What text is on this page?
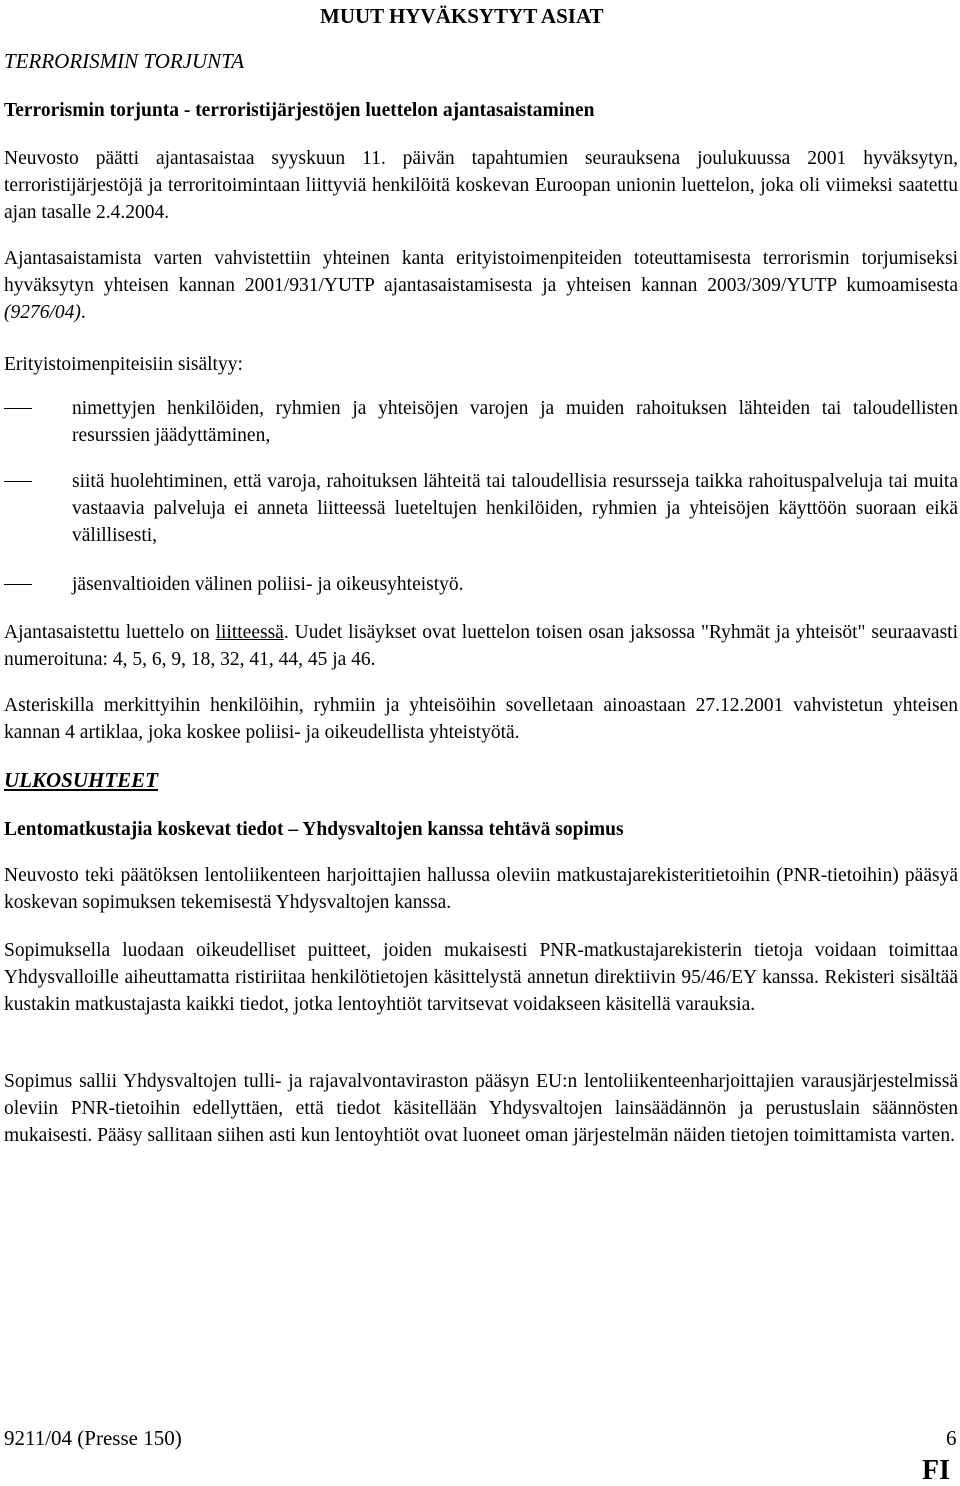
MUUT HYVÄKSYTYT ASIAT
TERRORISMIN TORJUNTA
Terrorismin torjunta - terroristijärjestöjen luettelon ajantasaistaminen
Neuvosto päätti ajantasaistaa syyskuun 11. päivän tapahtumien seurauksena joulukuussa 2001 hyväksytyn, terroristijärjestöjä ja terroritoimintaan liittyviä henkilöitä koskevan Euroopan unionin luettelon, joka oli viimeksi saatettu ajan tasalle 2.4.2004.
Ajantasaistamista varten vahvistettiin yhteinen kanta erityistoimenpiteiden toteuttamisesta terrorismin torjumiseksi hyväksytyn yhteisen kannan 2001/931/YUTP ajantasaistamisesta ja yhteisen kannan 2003/309/YUTP kumoamisesta (9276/04).
Erityistoimenpiteisiin sisältyy:
nimettyjen henkilöiden, ryhmien ja yhteisöjen varojen ja muiden rahoituksen lähteiden tai taloudellisten resurssien jäädyttäminen,
siitä huolehtiminen, että varoja, rahoituksen lähteitä tai taloudellisia resursseja taikka rahoituspalveluja tai muita vastaavia palveluja ei anneta liitteessä lueteltujen henkilöiden, ryhmien ja yhteisöjen käyttöön suoraan eikä välillisesti,
jäsenvaltioiden välinen poliisi- ja oikeusyhteistyö.
Ajantasaistettu luettelo on liitteessä. Uudet lisäykset ovat luettelon toisen osan jaksossa "Ryhmät ja yhteisöt" seuraavasti numeroituna: 4, 5, 6, 9, 18, 32, 41, 44, 45 ja 46.
Asteriskilla merkittyihin henkilöihin, ryhmiin ja yhteisöihin sovelletaan ainoastaan 27.12.2001 vahvistetun yhteisen kannan 4 artiklaa, joka koskee poliisi- ja oikeudellista yhteistyötä.
ULKOSUHTEET
Lentomatkustajia koskevat tiedot – Yhdysvaltojen kanssa tehtävä sopimus
Neuvosto teki päätöksen lentoliikenteen harjoittajien hallussa oleviin matkustajarekisteritietoihin (PNR-tietoihin) pääsyä koskevan sopimuksen tekemisestä Yhdysvaltojen kanssa.
Sopimuksella luodaan oikeudelliset puitteet, joiden mukaisesti PNR-matkustajarekisterin tietoja voidaan toimittaa Yhdysvalloille aiheuttamatta ristiriitaa henkilötietojen käsittelystä annetun direktiivin 95/46/EY kanssa. Rekisteri sisältää kustakin matkustajasta kaikki tiedot, jotka lentoyhtiöt tarvitsevat voidakseen käsitellä varauksia.
Sopimus sallii Yhdysvaltojen tulli- ja rajavalvontaviraston pääsyn EU:n lentoliikenteenharjoittajien varausjärjestelmissä oleviin PNR-tietoihin edellyttäen, että tiedot käsitellään Yhdysvaltojen lainsäädännön ja perustuslain säännösten mukaisesti. Pääsy sallitaan siihen asti kun lentoyhtiöt ovat luoneet oman järjestelmän näiden tietojen toimittamista varten.
9211/04 (Presse 150)	6
FI
